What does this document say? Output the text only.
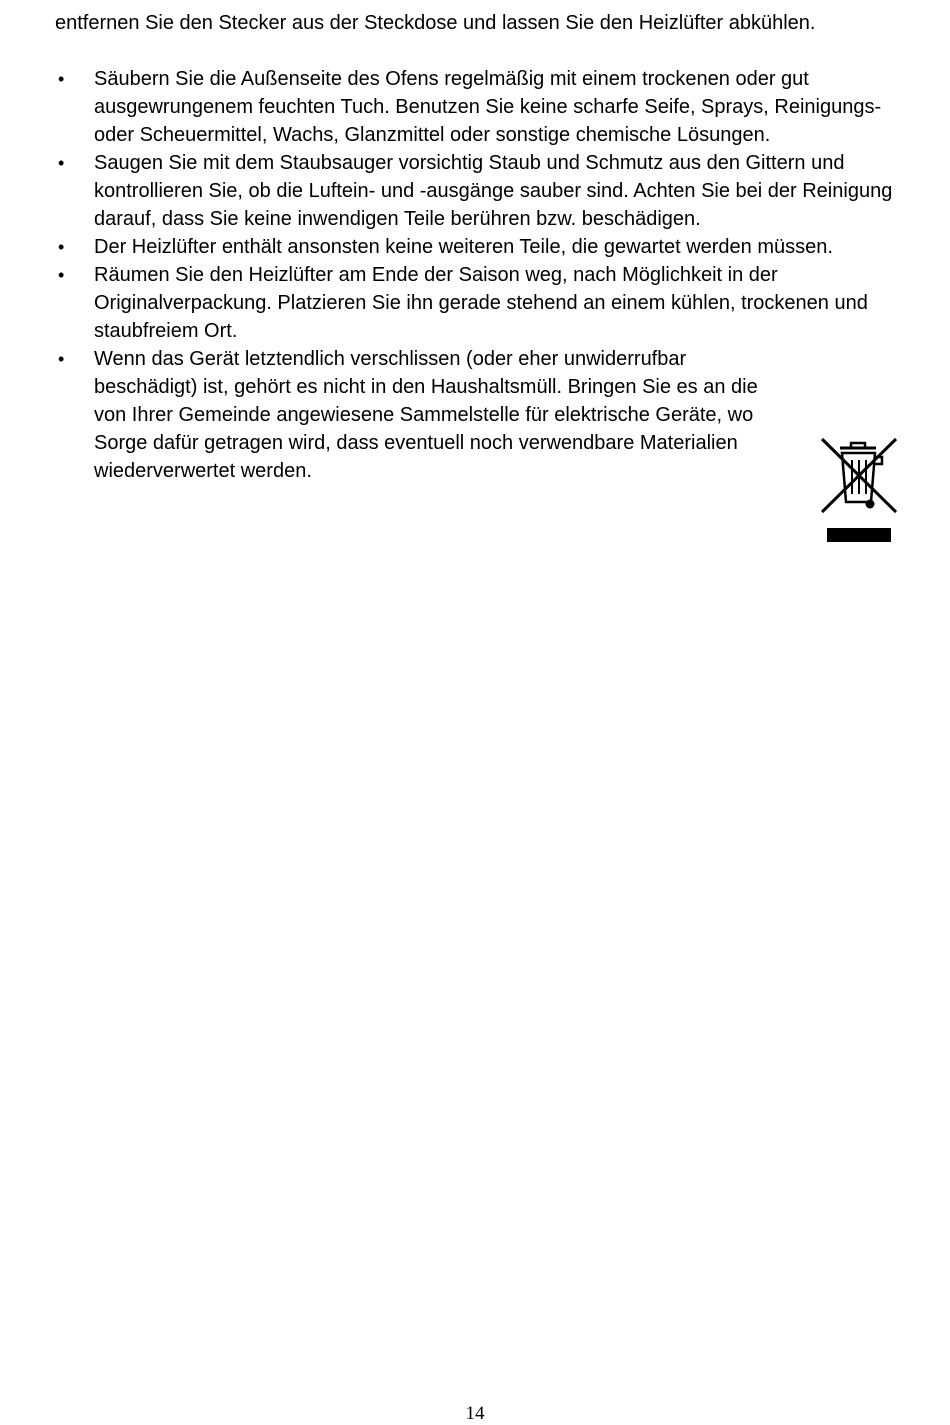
entfernen Sie den Stecker aus der Steckdose und lassen Sie den Heizlüfter abkühlen.

•	Säubern Sie die Außenseite des Ofens regelmäßig mit einem trockenen oder gut ausgewrungenem feuchten Tuch. Benutzen Sie keine scharfe Seife, Sprays, Reinigungs- oder Scheuermittel, Wachs, Glanzmittel oder sonstige chemische Lösungen.
•	Saugen Sie mit dem Staubsauger vorsichtig Staub und Schmutz aus den Gittern und kontrollieren Sie, ob die Luftein- und -ausgänge sauber sind. Achten Sie bei der Reinigung darauf, dass Sie keine inwendigen Teile berühren bzw. beschädigen.
•	Der Heizlüfter enthält ansonsten keine weiteren Teile, die gewartet werden müssen.
•	Räumen Sie den Heizlüfter am Ende der Saison weg, nach Möglichkeit in der Originalverpackung. Platzieren Sie ihn gerade stehend an einem kühlen, trockenen und staubfreiem Ort.
•	Wenn das Gerät letztendlich verschlissen (oder eher unwiderrufbar beschädigt) ist, gehört es nicht in den Haushaltsmüll. Bringen Sie es an die von Ihrer Gemeinde angewiesene Sammelstelle für elektrische Geräte, wo Sorge dafür getragen wird, dass eventuell noch verwendbare Materialien wiederverwertet werden.
14
